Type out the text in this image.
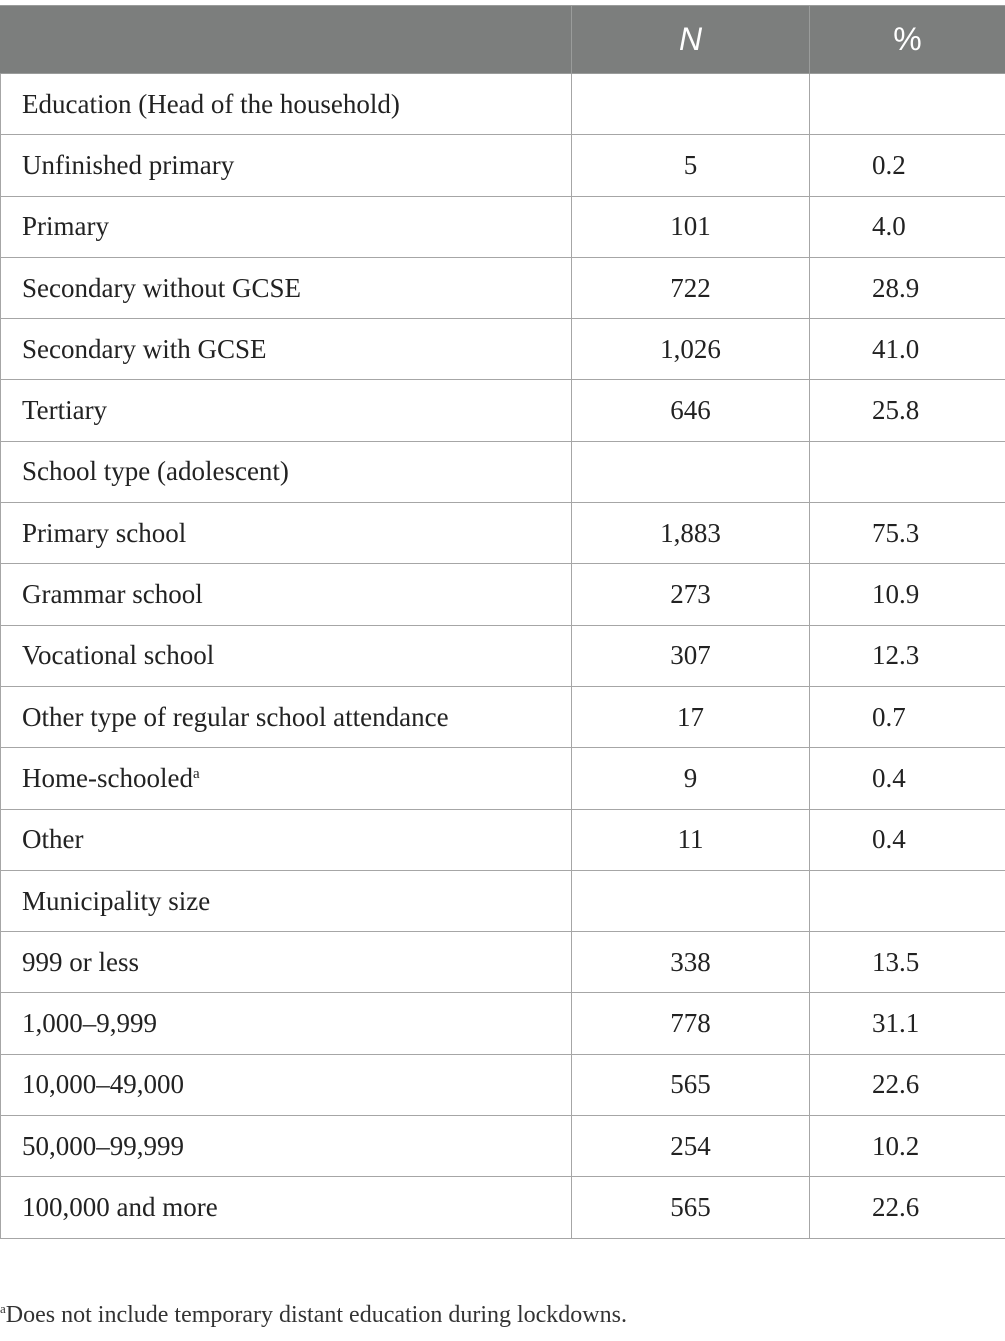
	N	%
Education (Head of the household)		
Unfinished primary	5	0.2
Primary	101	4.0
Secondary without GCSE	722	28.9
Secondary with GCSE	1,026	41.0
Tertiary	646	25.8
School type (adolescent)		
Primary school	1,883	75.3
Grammar school	273	10.9
Vocational school	307	12.3
Other type of regular school attendance	17	0.7
Home-schooled$^a$	9	0.4
Other	11	0.4
Municipality size		
999 or less	338	13.5
1,000–9,999	778	31.1
10,000–49,000	565	22.6
50,000–99,999	254	10.2
100,000 and more	565	22.6
$^a$Does not include temporary distant education during lockdowns.
